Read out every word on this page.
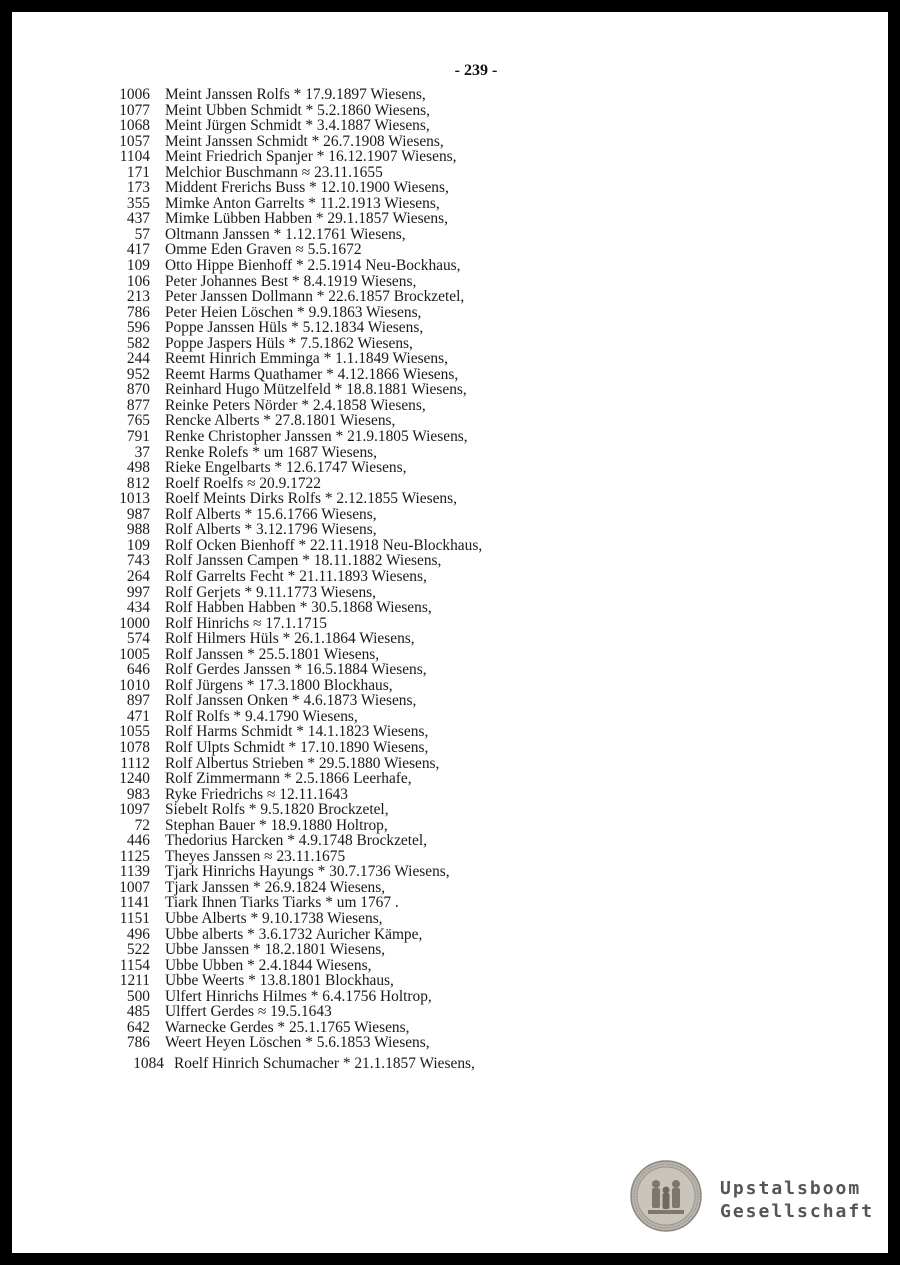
- 239 -
1006 Meint Janssen Rolfs * 17.9.1897 Wiesens,
1077 Meint Ubben Schmidt * 5.2.1860 Wiesens,
1068 Meint Jürgen Schmidt * 3.4.1887 Wiesens,
1057 Meint Janssen Schmidt * 26.7.1908 Wiesens,
1104 Meint Friedrich Spanjer * 16.12.1907 Wiesens,
171 Melchior Buschmann ≈ 23.11.1655
173 Middent Frerichs Buss * 12.10.1900 Wiesens,
355 Mimke Anton Garrelts * 11.2.1913 Wiesens,
437 Mimke Lübben Habben * 29.1.1857 Wiesens,
57 Oltmann Janssen * 1.12.1761 Wiesens,
417 Omme Eden Graven ≈ 5.5.1672
109 Otto Hippe Bienhoff * 2.5.1914 Neu-Bockhaus,
106 Peter Johannes Best * 8.4.1919 Wiesens,
213 Peter Janssen Dollmann * 22.6.1857 Brockzetel,
786 Peter Heien Löschen * 9.9.1863 Wiesens,
596 Poppe Janssen Hüls * 5.12.1834 Wiesens,
582 Poppe Jaspers Hüls * 7.5.1862 Wiesens,
244 Reemt Hinrich Emminga * 1.1.1849 Wiesens,
952 Reemt Harms Quathamer * 4.12.1866 Wiesens,
870 Reinhard Hugo Mützelfeld * 18.8.1881 Wiesens,
877 Reinke Peters Nörder * 2.4.1858 Wiesens,
765 Rencke Alberts * 27.8.1801 Wiesens,
791 Renke Christopher Janssen * 21.9.1805 Wiesens,
37 Renke Rolefs * um 1687 Wiesens,
498 Rieke Engelbarts * 12.6.1747 Wiesens,
812 Roelf Roelfs ≈ 20.9.1722
1013 Roelf Meints Dirks Rolfs * 2.12.1855 Wiesens,
987 Rolf Alberts * 15.6.1766 Wiesens,
988 Rolf Alberts * 3.12.1796 Wiesens,
109 Rolf Ocken Bienhoff * 22.11.1918 Neu-Blockhaus,
743 Rolf Janssen Campen * 18.11.1882 Wiesens,
264 Rolf Garrelts Fecht * 21.11.1893 Wiesens,
997 Rolf Gerjets * 9.11.1773 Wiesens,
434 Rolf Habben Habben * 30.5.1868 Wiesens,
1000 Rolf Hinrichs ≈ 17.1.1715
574 Rolf Hilmers Hüls * 26.1.1864 Wiesens,
1005 Rolf Janssen * 25.5.1801 Wiesens,
646 Rolf Gerdes Janssen * 16.5.1884 Wiesens,
1010 Rolf Jürgens * 17.3.1800 Blockhaus,
897 Rolf Janssen Onken * 4.6.1873 Wiesens,
471 Rolf Rolfs * 9.4.1790 Wiesens,
1055 Rolf Harms Schmidt * 14.1.1823 Wiesens,
1078 Rolf Ulpts Schmidt * 17.10.1890 Wiesens,
1112 Rolf Albertus Strieben * 29.5.1880 Wiesens,
1240 Rolf Zimmermann * 2.5.1866 Leerhafe,
983 Ryke Friedrichs ≈ 12.11.1643
1097 Siebelt Rolfs * 9.5.1820 Brockzetel,
72 Stephan Bauer * 18.9.1880 Holtrop,
446 Thedorius Harcken * 4.9.1748 Brockzetel,
1125 Theyes Janssen ≈ 23.11.1675
1139 Tjark Hinrichs Hayungs * 30.7.1736 Wiesens,
1007 Tjark Janssen * 26.9.1824 Wiesens,
1141 Tiark Ihnen Tiarks Tiarks * um 1767 .
1151 Ubbe Alberts * 9.10.1738 Wiesens,
496 Ubbe alberts * 3.6.1732 Auricher Kämpe,
522 Ubbe Janssen * 18.2.1801 Wiesens,
1154 Ubbe Ubben * 2.4.1844 Wiesens,
1211 Ubbe Weerts * 13.8.1801 Blockhaus,
500 Ulfert Hinrichs Hilmes * 6.4.1756 Holtrop,
485 Ulffert Gerdes ≈ 19.5.1643
642 Warnecke Gerdes * 25.1.1765 Wiesens,
786 Weert Heyen Löschen * 5.6.1853 Wiesens,
1084 Roelf Hinrich Schumacher * 21.1.1857 Wiesens,
Upstalsboom
Gesellschaft
